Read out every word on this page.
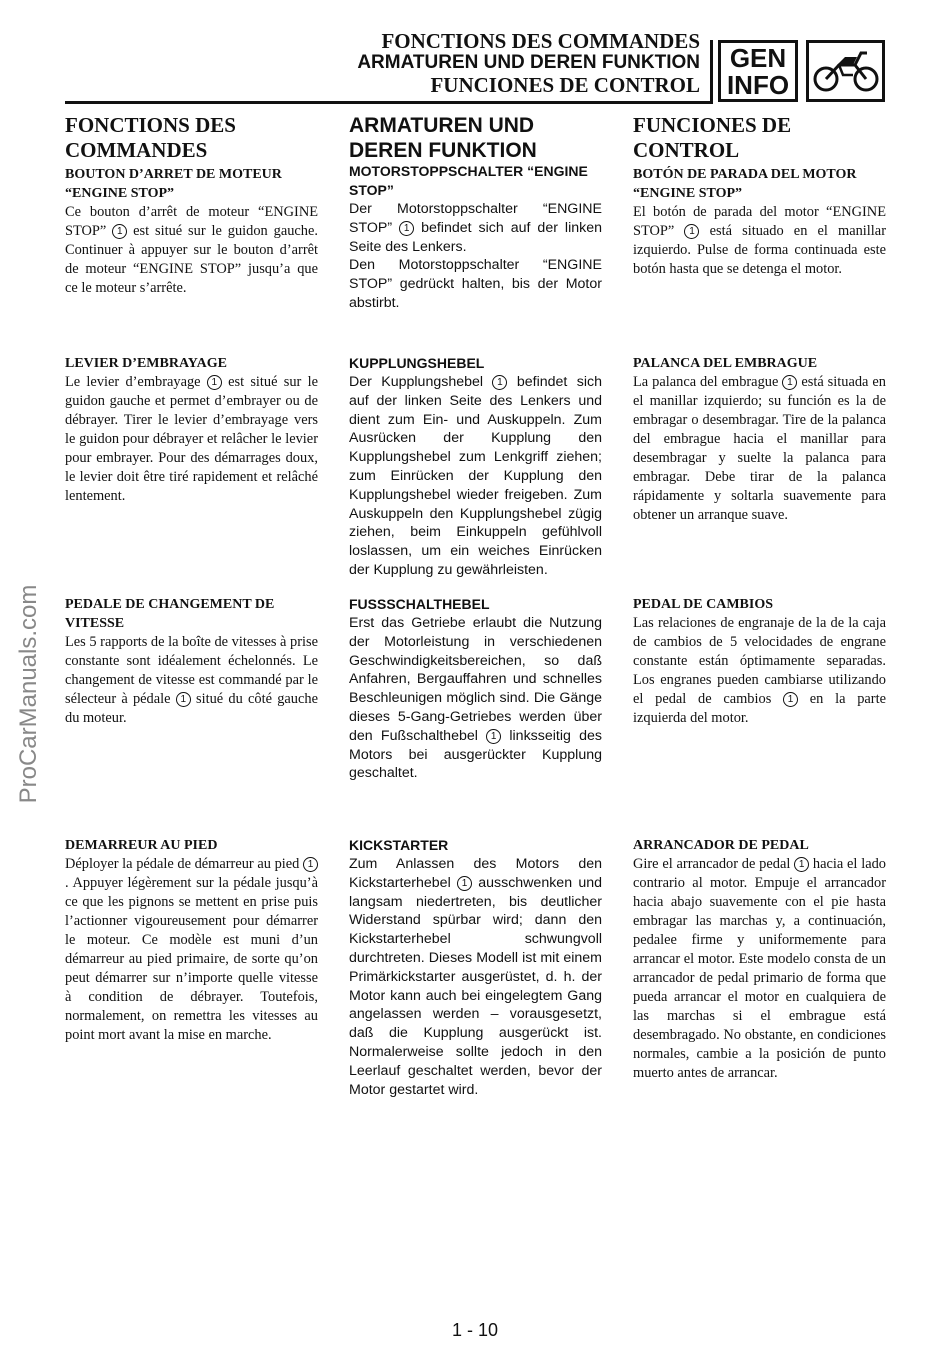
FONCTIONS DES COMMANDES
ARMATUREN UND DEREN FUNKTION
FUNCIONES DE CONTROL
GEN
INFO
ProCarManuals.com
FONCTIONS DES COMMANDES

BOUTON D’ARRET DE MOTEUR “ENGINE STOP”

Ce bouton d’arrêt de moteur “ENGINE STOP” 1 est situé sur le guidon gauche. Continuer à appuyer sur le bouton d’arrêt de moteur “ENGINE STOP” jusqu’a que ce le moteur s’arrête.

LEVIER D’EMBRAYAGE

Le levier d’embrayage 1 est situé sur le guidon gauche et permet d’embrayer ou de débrayer. Tirer le levier d’embrayage vers le guidon pour débrayer et relâcher le levier pour embrayer. Pour des démarrages doux, le levier doit être tiré rapidement et relâché lentement.

PEDALE DE CHANGEMENT DE VITESSE

Les 5 rapports de la boîte de vitesses à prise constante sont idéalement échelonnés. Le changement de vitesse est commandé par le sélecteur à pédale 1 situé du côté gauche du moteur.

DEMARREUR AU PIED

Déployer la pédale de démarreur au pied 1. Appuyer légèrement sur la pédale jusqu’à ce que les pignons se mettent en prise puis l’actionner vigoureusement pour démarrer le moteur. Ce modèle est muni d’un démarreur au pied primaire, de sorte qu’on peut démarrer sur n’importe quelle vitesse à condition de débrayer. Toutefois, normalement, on remettra les vitesses au point mort avant la mise en marche.

ARMATUREN UND DEREN FUNKTION

MOTORSTOPPSCHALTER “ENGINE STOP”

Der Motorstoppschalter “ENGINE STOP” 1 befindet sich auf der linken Seite des Lenkers.

Den Motorstoppschalter “ENGINE STOP” gedrückt halten, bis der Motor abstirbt.

KUPPLUNGSHEBEL

Der Kupplungshebel 1 befindet sich auf der linken Seite des Lenkers und dient zum Ein- und Auskuppeln. Zum Ausrücken der Kupplung den Kupplungshebel zum Lenkgriff ziehen; zum Einrücken der Kupplung den Kupplungshebel wieder freigeben. Zum Auskuppeln den Kupplungshebel zügig ziehen, beim Einkuppeln gefühlvoll loslassen, um ein weiches Einrücken der Kupplung zu gewährleisten.

FUSSSCHALTHEBEL

Erst das Getriebe erlaubt die Nutzung der Motorleistung in verschiedenen Geschwindigkeitsbereichen, so daß Anfahren, Bergauffahren und schnelles Beschleunigen möglich sind. Die Gänge dieses 5-Gang-Getriebes werden über den Fußschalthebel 1 linksseitig des Motors bei ausgerückter Kupplung geschaltet.

KICKSTARTER

Zum Anlassen des Motors den Kickstarterhebel 1 ausschwenken und langsam niedertreten, bis deutlicher Widerstand spürbar wird; dann den Kickstarterhebel schwungvoll durchtreten. Dieses Modell ist mit einem Primärkickstarter ausgerüstet, d. h. der Motor kann auch bei eingelegtem Gang angelassen werden – vorausgesetzt, daß die Kupplung ausgerückt ist. Normalerweise sollte jedoch in den Leerlauf geschaltet werden, bevor der Motor gestartet wird.

FUNCIONES DE CONTROL

BOTÓN DE PARADA DEL MOTOR “ENGINE STOP”

El botón de parada del motor “ENGINE STOP” 1 está situado en el manillar izquierdo. Pulse de forma continuada este botón hasta que se detenga el motor.

PALANCA DEL EMBRAGUE

La palanca del embrague 1 está situada en el manillar izquierdo; su función es la de embragar o desembragar. Tire de la palanca del embrague hacia el manillar para desembragar y suelte la palanca para embragar. Debe tirar de la palanca rápidamente y soltarla suavemente para obtener un arranque suave.

PEDAL DE CAMBIOS

Las relaciones de engranaje de la de la caja de cambios de 5 velocidades de engrane constante están óptimamente separadas. Los engranes pueden cambiarse utilizando el pedal de cambios 1 en la parte izquierda del motor.

ARRANCADOR DE PEDAL

Gire el arrancador de pedal 1 hacia el lado contrario al motor. Empuje el arrancador hacia abajo suavemente con el pie hasta embragar las marchas y, a continuación, pedalee firme y uniformemente para arrancar el motor. Este modelo consta de un arrancador de pedal primario de forma que pueda arrancar el motor en cualquiera de las marchas si el embrague está desembragado. No obstante, en condiciones normales, cambie a la posición de punto muerto antes de arrancar.

1 - 10
